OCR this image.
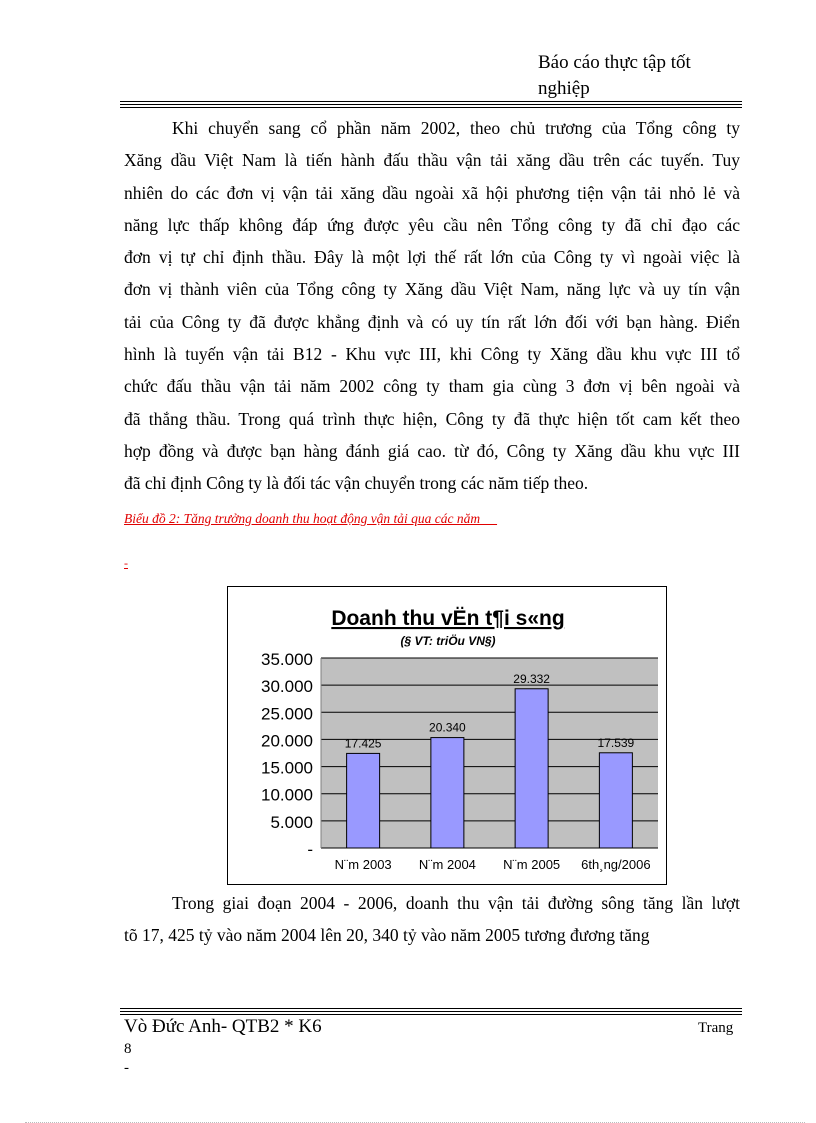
Báo cáo thực tập tốt nghiệp
Khi chuyển sang cổ phần năm 2002, theo chủ trương của Tổng công ty
Xăng dầu Việt Nam là tiến hành đấu thầu vận tải xăng dầu trên các tuyến. Tuy
nhiên do các đơn vị vận tải xăng dầu ngoài xã hội phương tiện vận tải nhỏ lẻ và
năng lực thấp không đáp ứng được yêu cầu nên Tổng công ty đã chỉ đạo các
đơn vị tự chỉ định thầu. Đây là một lợi thế rất lớn của Công ty vì ngoài việc là
đơn vị thành viên của Tổng công ty Xăng dầu Việt Nam, năng lực và uy tín vận
tải của Công ty đã được khẳng định và có uy tín rất lớn đối với bạn hàng. Điển
hình là tuyến vận tải B12 - Khu vực III, khi Công ty Xăng dầu khu vực III tổ
chức đấu thầu vận tải năm 2002 công ty tham gia cùng 3 đơn vị bên ngoài và
đã thắng thầu. Trong quá trình thực hiện, Công ty đã thực hiện tốt cam kết theo
hợp đồng và được bạn hàng đánh giá cao. từ đó, Công ty Xăng dầu khu vực III
đã chỉ định Công ty là đối tác vận chuyển trong các năm tiếp theo.
Biểu đồ 2: Tăng trưởng doanh thu hoạt động vận tải qua các năm
-
Doanh thu vËn t¶i s«ng
(§ VT: triÖu VN§)
-
5.000
10.000
15.000
20.000
25.000
30.000
35.000
17.425
20.340
29.332
17.539
N¨m 2003 N¨m 2004 N¨m 2005 6th¸ng/2006
Trong giai đoạn 2004 - 2006, doanh thu vận tải đường sông tăng lần lượt
tõ 17, 425 tỷ vào năm 2004 lên 20, 340 tỷ vào năm 2005 tương đương tăng
Vò Đức Anh- QTB2 * K6	Trang
8
-
